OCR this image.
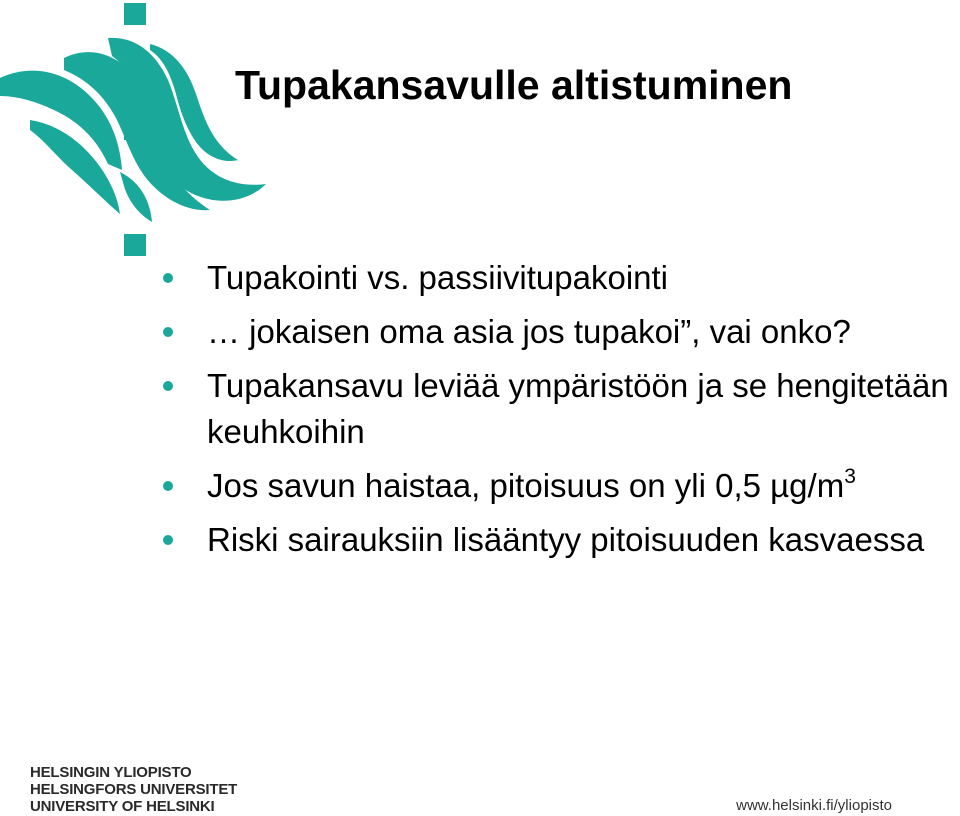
Tupakansavulle altistuminen
Tupakointi vs. passiivitupakointi
… jokaisen oma asia jos tupakoi”, vai onko?
Tupakansavu leviää ympäristöön ja se hengitetään keuhkoihin
Jos savun haistaa, pitoisuus on yli 0,5 $\mu g/m^3$
Riski sairauksiin lisääntyy pitoisuuden kasvaessa
HELSINGIN YLIOPISTO
HELSINGFORS UNIVERSITET
UNIVERSITY OF HELSINKI	www.helsinki.fi/yliopisto
